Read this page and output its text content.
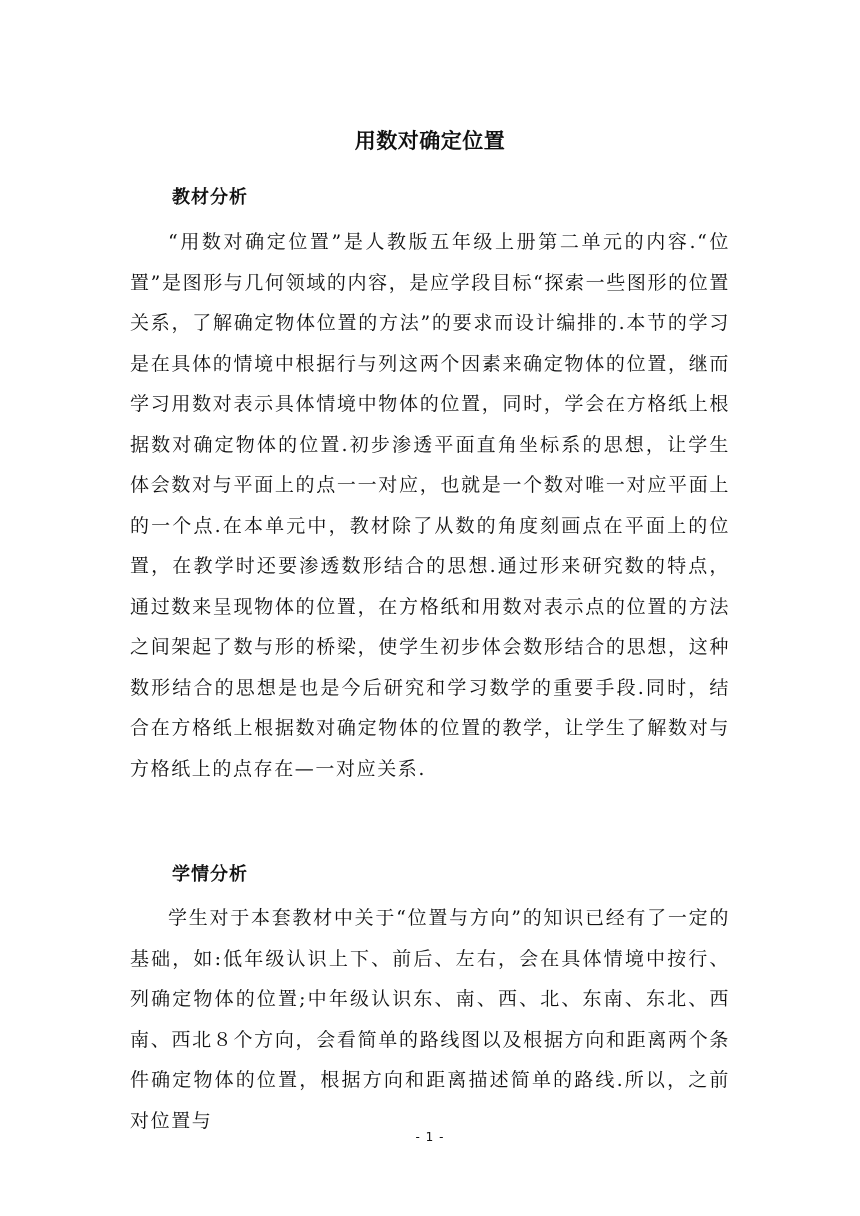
用数对确定位置
教材分析

“用数对确定位置”是人教版五年级上册第二单元的内容.“位置”是图形与几何领域的内容，是应学段目标“探索一些图形的位置关系，了解确定物体位置的方法”的要求而设计编排的.本节的学习是在具体的情境中根据行与列这两个因素来确定物体的位置，继而学习用数对表示具体情境中物体的位置，同时，学会在方格纸上根据数对确定物体的位置.初步渗透平面直角坐标系的思想，让学生体会数对与平面上的点一一对应，也就是一个数对唯一对应平面上的一个点.在本单元中，教材除了从数的角度刻画点在平面上的位置，在教学时还要渗透数形结合的思想.通过形来研究数的特点，通过数来呈现物体的位置，在方格纸和用数对表示点的位置的方法之间架起了数与形的桥梁，使学生初步体会数形结合的思想，这种数形结合的思想是也是今后研究和学习数学的重要手段.同时，结合在方格纸上根据数对确定物体的位置的教学，让学生了解数对与方格纸上的点存在—一对应关系.

学情分析

学生对于本套教材中关于“位置与方向”的知识已经有了一定的基础，如:低年级认识上下、前后、左右，会在具体情境中按行、列确定物体的位置;中年级认识东、南、西、北、东南、东北、西南、西北８个方向，会看简单的路线图以及根据方向和距离两个条件确定物体的位置，根据方向和距离描述简单的路线.所以，之前对位置与

- 1 -
